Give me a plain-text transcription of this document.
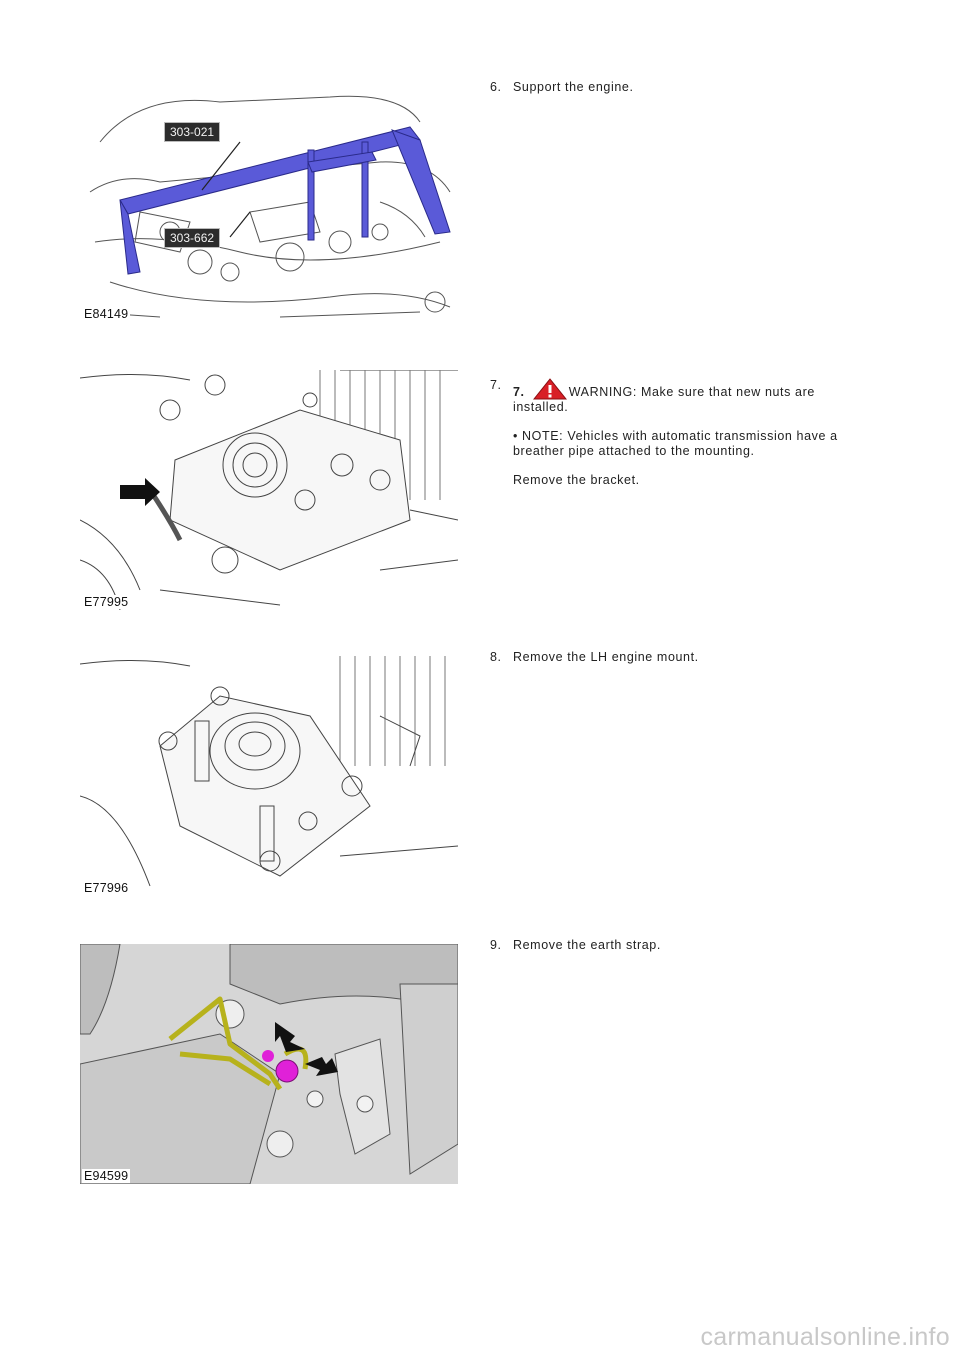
303-021
303-662
E84149
E77995
E77996
E94599
6. Support the engine.

7. 7.	WARNING: Make sure that new nuts are installed.

• NOTE: Vehicles with automatic transmission have a breather pipe attached to the mounting.

Remove the bracket.

8. Remove the LH engine mount.

9. Remove the earth strap.

carmanualsonline.info
